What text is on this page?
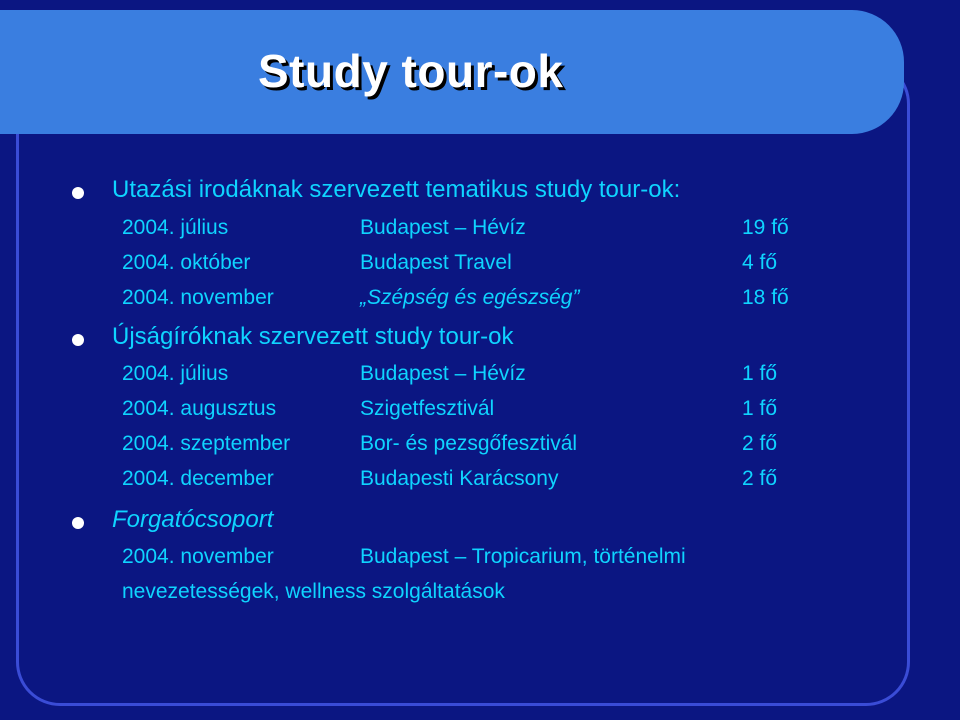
Study tour-ok
Utazási irodáknak szervezett tematikus study tour-ok:
2004. július	Budapest – Hévíz	19 fő
2004. október	Budapest Travel	4 fő
2004. november	„Szépség és egészség”	18 fő
Újságíróknak szervezett study tour-ok
2004. július	Budapest – Hévíz	1 fő
2004. augusztus	Szigetfesztivál	1 fő
2004. szeptember	Bor- és pezsgőfesztivál	2 fő
2004. december	Budapesti Karácsony	2 fő
Forgatócsoport
2004. november	Budapest – Tropicarium, történelmi
nevezetességek, wellness szolgáltatások
